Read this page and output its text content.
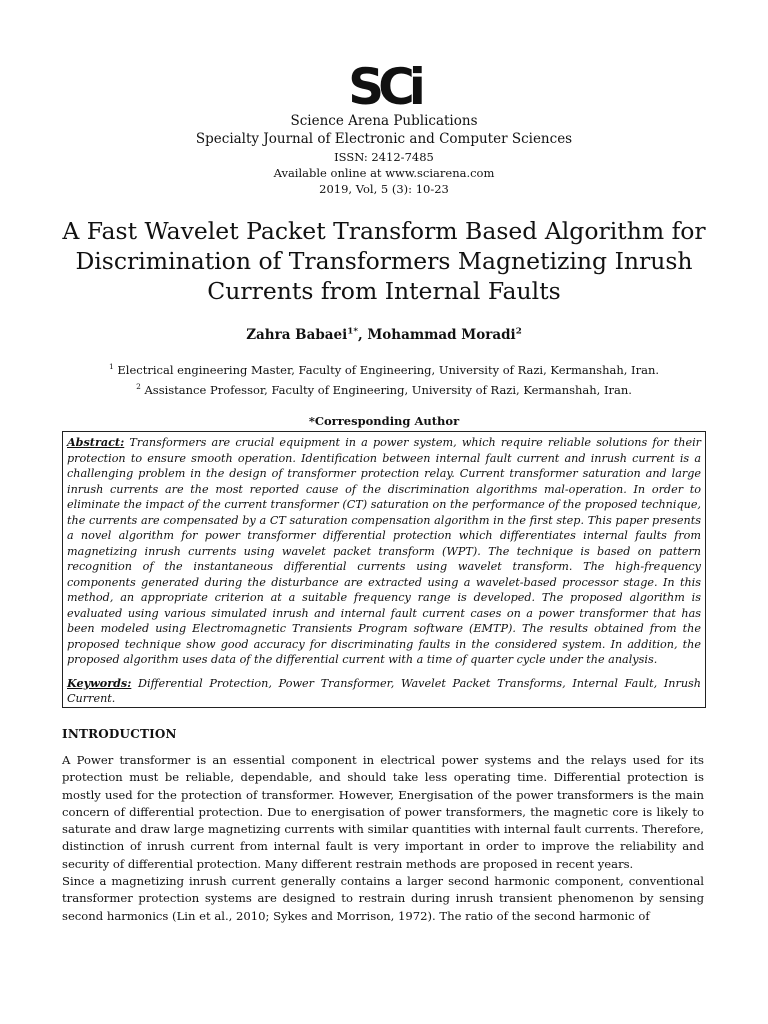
SCi
Science Arena Publications
Specialty Journal of Electronic and Computer Sciences
ISSN: 2412-7485
Available online at www.sciarena.com
2019, Vol, 5 (3): 10-23
A Fast Wavelet Packet Transform Based Algorithm for Discrimination of Transformers Magnetizing Inrush Currents from Internal Faults
Zahra Babaei$^{1*}$, Mohammad Moradi$^2$
$^1$ Electrical engineering Master, Faculty of Engineering, University of Razi, Kermanshah, Iran.
$^2$ Assistance Professor, Faculty of Engineering, University of Razi, Kermanshah, Iran.
*Corresponding Author

Abstract: Transformers are crucial equipment in a power system, which require reliable solutions for their protection to ensure smooth operation. Identification between internal fault current and inrush current is a challenging problem in the design of transformer protection relay. Current transformer saturation and large inrush currents are the most reported cause of the discrimination algorithms mal-operation. In order to eliminate the impact of the current transformer (CT) saturation on the performance of the proposed technique, the currents are compensated by a CT saturation compensation algorithm in the first step. This paper presents a novel algorithm for power transformer differential protection which differentiates internal faults from magnetizing inrush currents using wavelet packet transform (WPT). The technique is based on pattern recognition of the instantaneous differential currents using wavelet transform. The high-frequency components generated during the disturbance are extracted using a wavelet-based processor stage. In this method, an appropriate criterion at a suitable frequency range is developed. The proposed algorithm is evaluated using various simulated inrush and internal fault current cases on a power transformer that has been modeled using Electromagnetic Transients Program software (EMTP). The results obtained from the proposed technique show good accuracy for discriminating faults in the considered system. In addition, the proposed algorithm uses data of the differential current with a time of quarter cycle under the analysis.

Keywords: Differential Protection, Power Transformer, Wavelet Packet Transforms, Internal Fault, Inrush Current.

INTRODUCTION

A Power transformer is an essential component in electrical power systems and the relays used for its protection must be reliable, dependable, and should take less operating time. Differential protection is mostly used for the protection of transformer. However, Energisation of the power transformers is the main concern of differential protection. Due to energisation of power transformers, the magnetic core is likely to saturate and draw large magnetizing currents with similar quantities with internal fault currents. Therefore, distinction of inrush current from internal fault is very important in order to improve the reliability and security of differential protection. Many different restrain methods are proposed in recent years.

Since a magnetizing inrush current generally contains a larger second harmonic component, conventional transformer protection systems are designed to restrain during inrush transient phenomenon by sensing second harmonics (Lin et al., 2010; Sykes and Morrison, 1972). The ratio of the second harmonic of
